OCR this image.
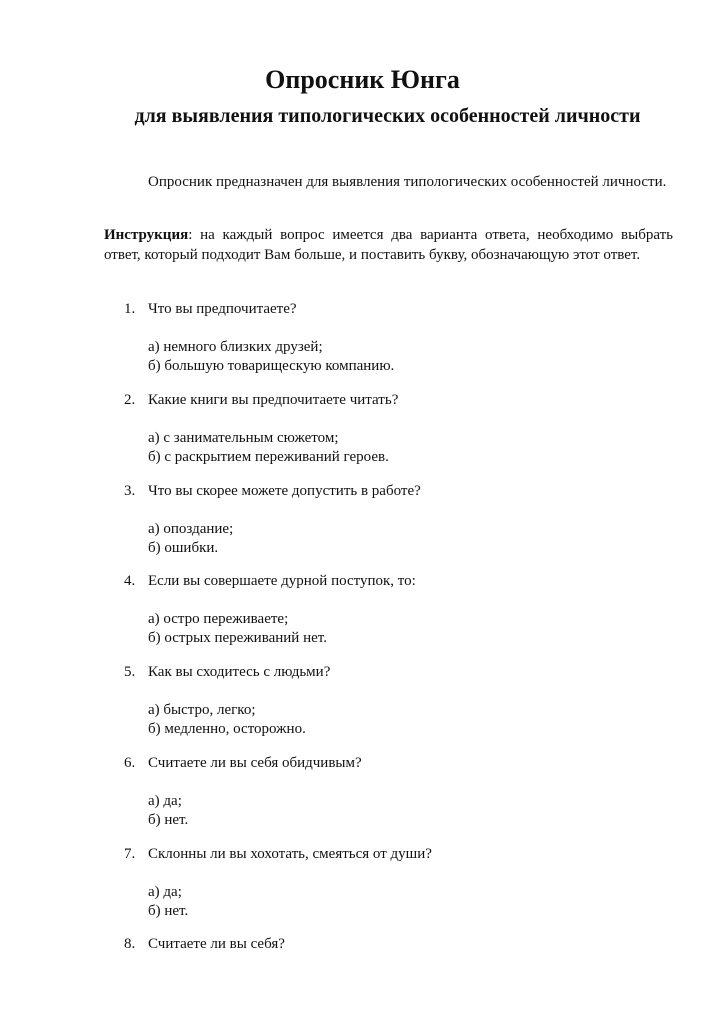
Опросник Юнга
для выявления типологических особенностей личности
Опросник предназначен для выявления типологических особенностей личности.
Инструкция: на каждый вопрос имеется два варианта ответа, необходимо выбрать ответ, который подходит Вам больше, и поставить букву, обозначающую этот ответ.
1. Что вы предпочитаете?
а) немного близких друзей;
б) большую товарищескую компанию.
2. Какие книги вы предпочитаете читать?
а) с занимательным сюжетом;
б) с раскрытием переживаний героев.
3. Что вы скорее можете допустить в работе?
а) опоздание;
б) ошибки.
4. Если вы совершаете дурной поступок, то:
а) остро переживаете;
б) острых переживаний нет.
5. Как вы сходитесь с людьми?
а) быстро, легко;
б) медленно, осторожно.
6. Считаете ли вы себя обидчивым?
а) да;
б) нет.
7. Склонны ли вы хохотать, смеяться от души?
а) да;
б) нет.
8. Считаете ли вы себя?
